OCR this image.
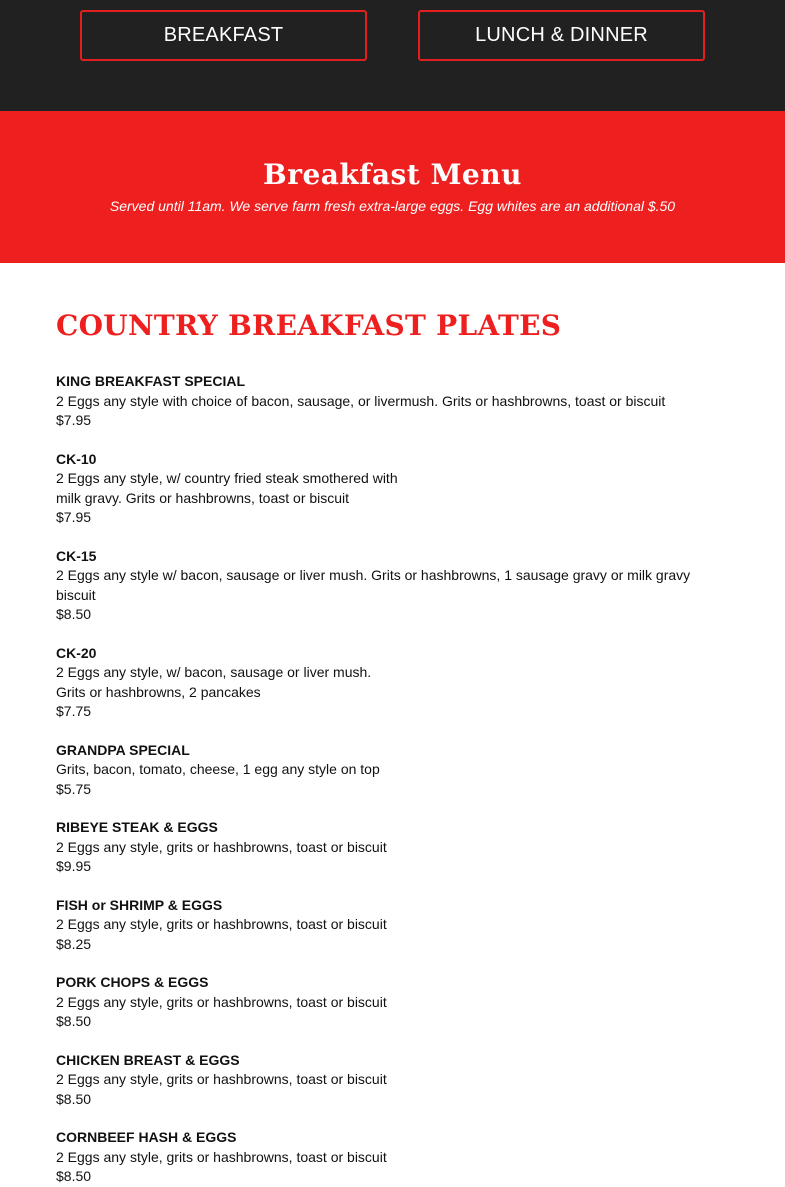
BREAKFAST	LUNCH & DINNER
Breakfast Menu
Served until 11am. We serve farm fresh extra-large eggs. Egg whites are an additional $.50
COUNTRY BREAKFAST PLATES
KING BREAKFAST SPECIAL
2 Eggs any style with choice of bacon, sausage, or livermush. Grits or hashbrowns, toast or biscuit
$7.95
CK-10
2 Eggs any style, w/ country fried steak smothered with milk gravy. Grits or hashbrowns, toast or biscuit
$7.95
CK-15
2 Eggs any style w/ bacon, sausage or liver mush. Grits or hashbrowns, 1 sausage gravy or milk gravy biscuit
$8.50
CK-20
2 Eggs any style, w/ bacon, sausage or liver mush. Grits or hashbrowns, 2 pancakes
$7.75
GRANDPA SPECIAL
Grits, bacon, tomato, cheese, 1 egg any style on top
$5.75
RIBEYE STEAK & EGGS
2 Eggs any style, grits or hashbrowns, toast or biscuit
$9.95
FISH or SHRIMP & EGGS
2 Eggs any style, grits or hashbrowns, toast or biscuit
$8.25
PORK CHOPS & EGGS
2 Eggs any style, grits or hashbrowns, toast or biscuit
$8.50
CHICKEN BREAST & EGGS
2 Eggs any style, grits or hashbrowns, toast or biscuit
$8.50
CORNBEEF HASH & EGGS
2 Eggs any style, grits or hashbrowns, toast or biscuit
$8.50
